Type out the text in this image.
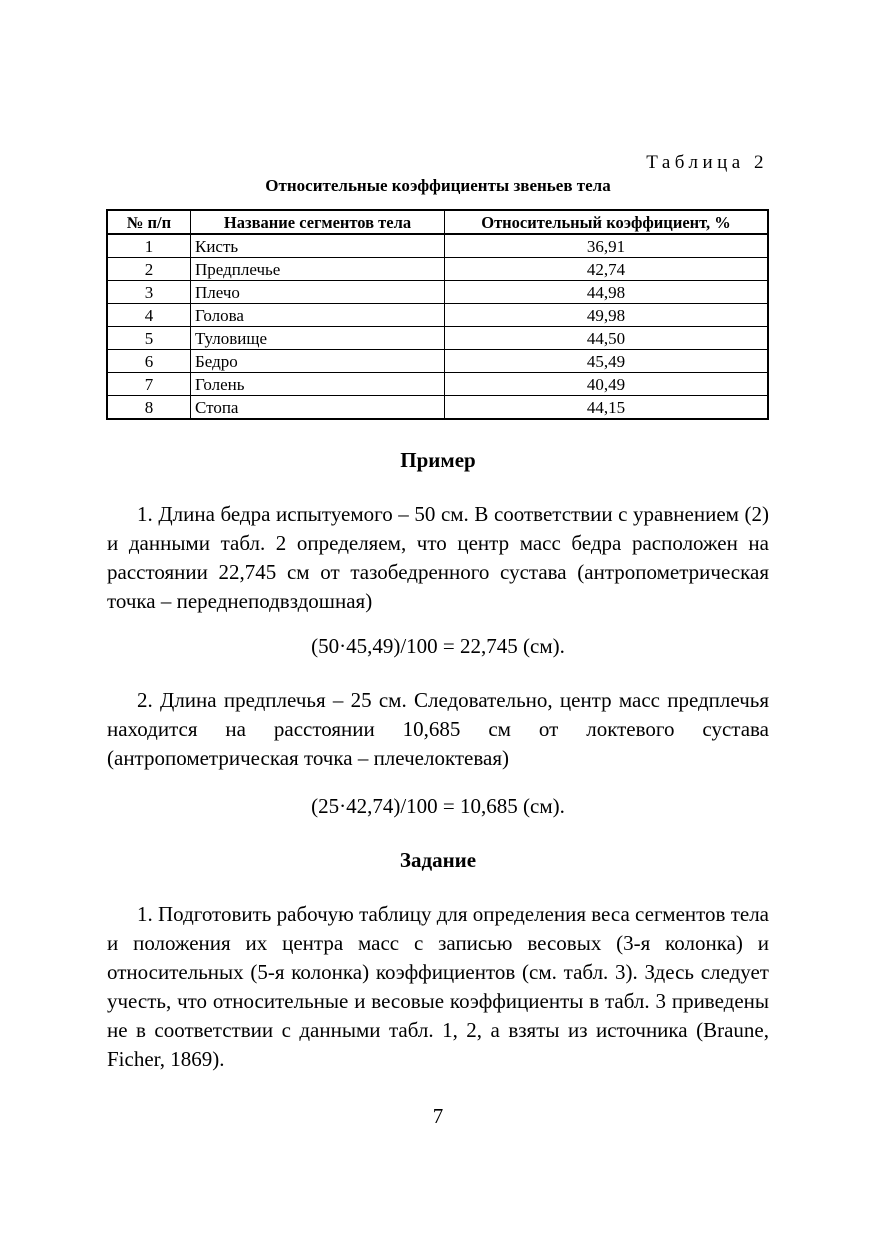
Таблица 2
Относительные коэффициенты звеньев тела
№ п/п	Название сегментов тела	Относительный коэффициент, %
1	Кисть	36,91
2	Предплечье	42,74
3	Плечо	44,98
4	Голова	49,98
5	Туловище	44,50
6	Бедро	45,49
7	Голень	40,49
8	Стопа	44,15
Пример

1. Длина бедра испытуемого – 50 см. В соответствии с уравнением (2) и данными табл. 2 определяем, что центр масс бедра расположен на расстоянии 22,745 см от тазобедренного сустава (антропометрическая точка – переднеподвздошная)

(50·45,49)/100 = 22,745 (см).

2. Длина предплечья – 25 см. Следовательно, центр масс предплечья находится на расстоянии 10,685 см от локтевого сустава (антропометрическая точка – плечелоктевая)

(25·42,74)/100 = 10,685 (см).
Задание

1. Подготовить рабочую таблицу для определения веса сегментов тела и положения их центра масс с записью весовых (3-я колонка) и относительных (5-я колонка) коэффициентов (см. табл. 3). Здесь следует учесть, что относительные и весовые коэффициенты в табл. 3 приведены не в соответствии с данными табл. 1, 2, а взяты из источника (Braune, Ficher, 1869).

7
